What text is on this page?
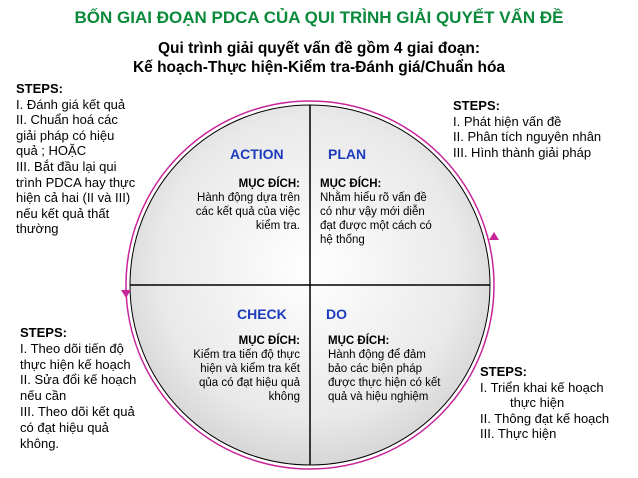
BỐN GIAI ĐOẠN PDCA CỦA QUI TRÌNH GIẢI QUYẾT VẤN ĐỀ
Qui trình giải quyết vấn đề gồm 4 giai đoạn:
Kế hoạch-Thực hiện-Kiểm tra-Đánh giá/Chuẩn hóa
STEPS:
I. Đánh giá kết quả
II. Chuẩn hoá các
giải pháp có hiệu
quả ; HOẶC
III. Bắt đầu lại qui
trình PDCA hay thực
hiện cả hai (II và III)
nếu kết quả thất
thường
STEPS:
I. Phát hiện vấn đề
II. Phân tích nguyên nhân
III. Hình thành giải pháp
STEPS:
I. Theo dõi tiến độ
thực hiện kế hoạch
II. Sửa đổi kế hoạch
nếu cần
III. Theo dõi kết quả
có đạt hiệu quả
không.
STEPS:
I. Triển khai kế hoạch
thực hiện
II. Thông đạt kế hoạch
III. Thực hiện
ACTION	PLAN
CHECK	DO
MỤC ĐÍCH:
Hành động dựa trên
các kết quả của việc
kiểm tra.
MỤC ĐÍCH:
Nhằm hiểu rõ vấn đề
có như vậy mới diễn
đạt được một cách có
hệ thống
MỤC ĐÍCH:
Kiểm tra tiến độ thực
hiện và kiểm tra kết
qủa có đạt hiệu quả
không
MỤC ĐÍCH:
Hành động để đảm
bảo các biện pháp
được thực hiện có kết
quả và hiệu nghiệm
